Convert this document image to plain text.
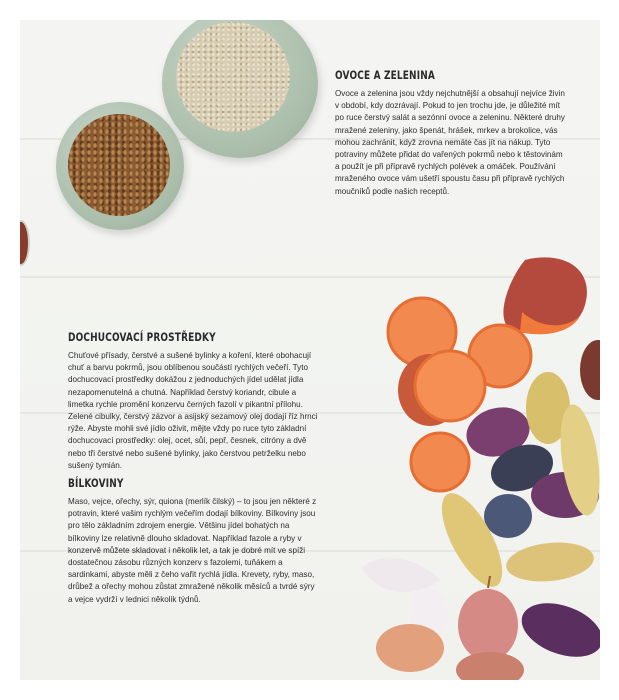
OVOCE A ZELENINA

Ovoce a zelenina jsou vždy nejchutnější a obsahují nejvíce živin v období, kdy dozrávají. Pokud to jen trochu jde, je důležité mít po ruce čerstvý salát a sezónní ovoce a zeleninu. Některé druhy mražené zeleniny, jako špenát, hrášek, mrkev a brokolice, vás mohou zachránit, když zrovna nemáte čas jít na nákup. Tyto potraviny můžete přidat do vařených pokrmů nebo k těstovinám a použít je při přípravě rychlých polévek a omáček. Používání mraženého ovoce vám ušetří spoustu času při přípravě rychlých moučníků podle našich receptů.

DOCHUCOVACÍ PROSTŘEDKY

Chuťové přísady, čerstvé a sušené bylinky a koření, které obohacují chuť a barvu pokrmů, jsou oblíbenou součástí rychlých večeří. Tyto dochucovací prostředky dokážou z jednoduchých jídel udělat jídla nezapomenutelná a chutná. Například čerstvý koriandr, cibule a limetka rychle promění konzervu černých fazolí v pikantní přílohu. Zelené cibulky, čerstvý zázvor a asijský sezamový olej dodají říz hrnci rýže. Abyste mohli své jídlo oživit, mějte vždy po ruce tyto základní dochucovací prostředky: olej, ocet, sůl, pepř, česnek, citróny a dvě nebo tři čerstvé nebo sušené bylinky, jako čerstvou petrželku nebo sušený tymián.

BÍLKOVINY

Maso, vejce, ořechy, sýr, quiona (merlík čilský) – to jsou jen některé z potravin, které vašim rychlým večeřím dodají bílkoviny. Bílkoviny jsou pro tělo základním zdrojem energie. Většinu jídel bohatých na bílkoviny lze relativně dlouho skladovat. Například fazole a ryby v konzervě můžete skladovat i několik let, a tak je dobré mít ve spíži dostatečnou zásobu různých konzerv s fazolemi, tuňákem a sardinkami, abyste měli z čeho vařit rychlá jídla. Krevety, ryby, maso, drůbež a ořechy mohou zůstat zmražené několik měsíců a tvrdé sýry a vejce vydrží v lednici několik týdnů.
